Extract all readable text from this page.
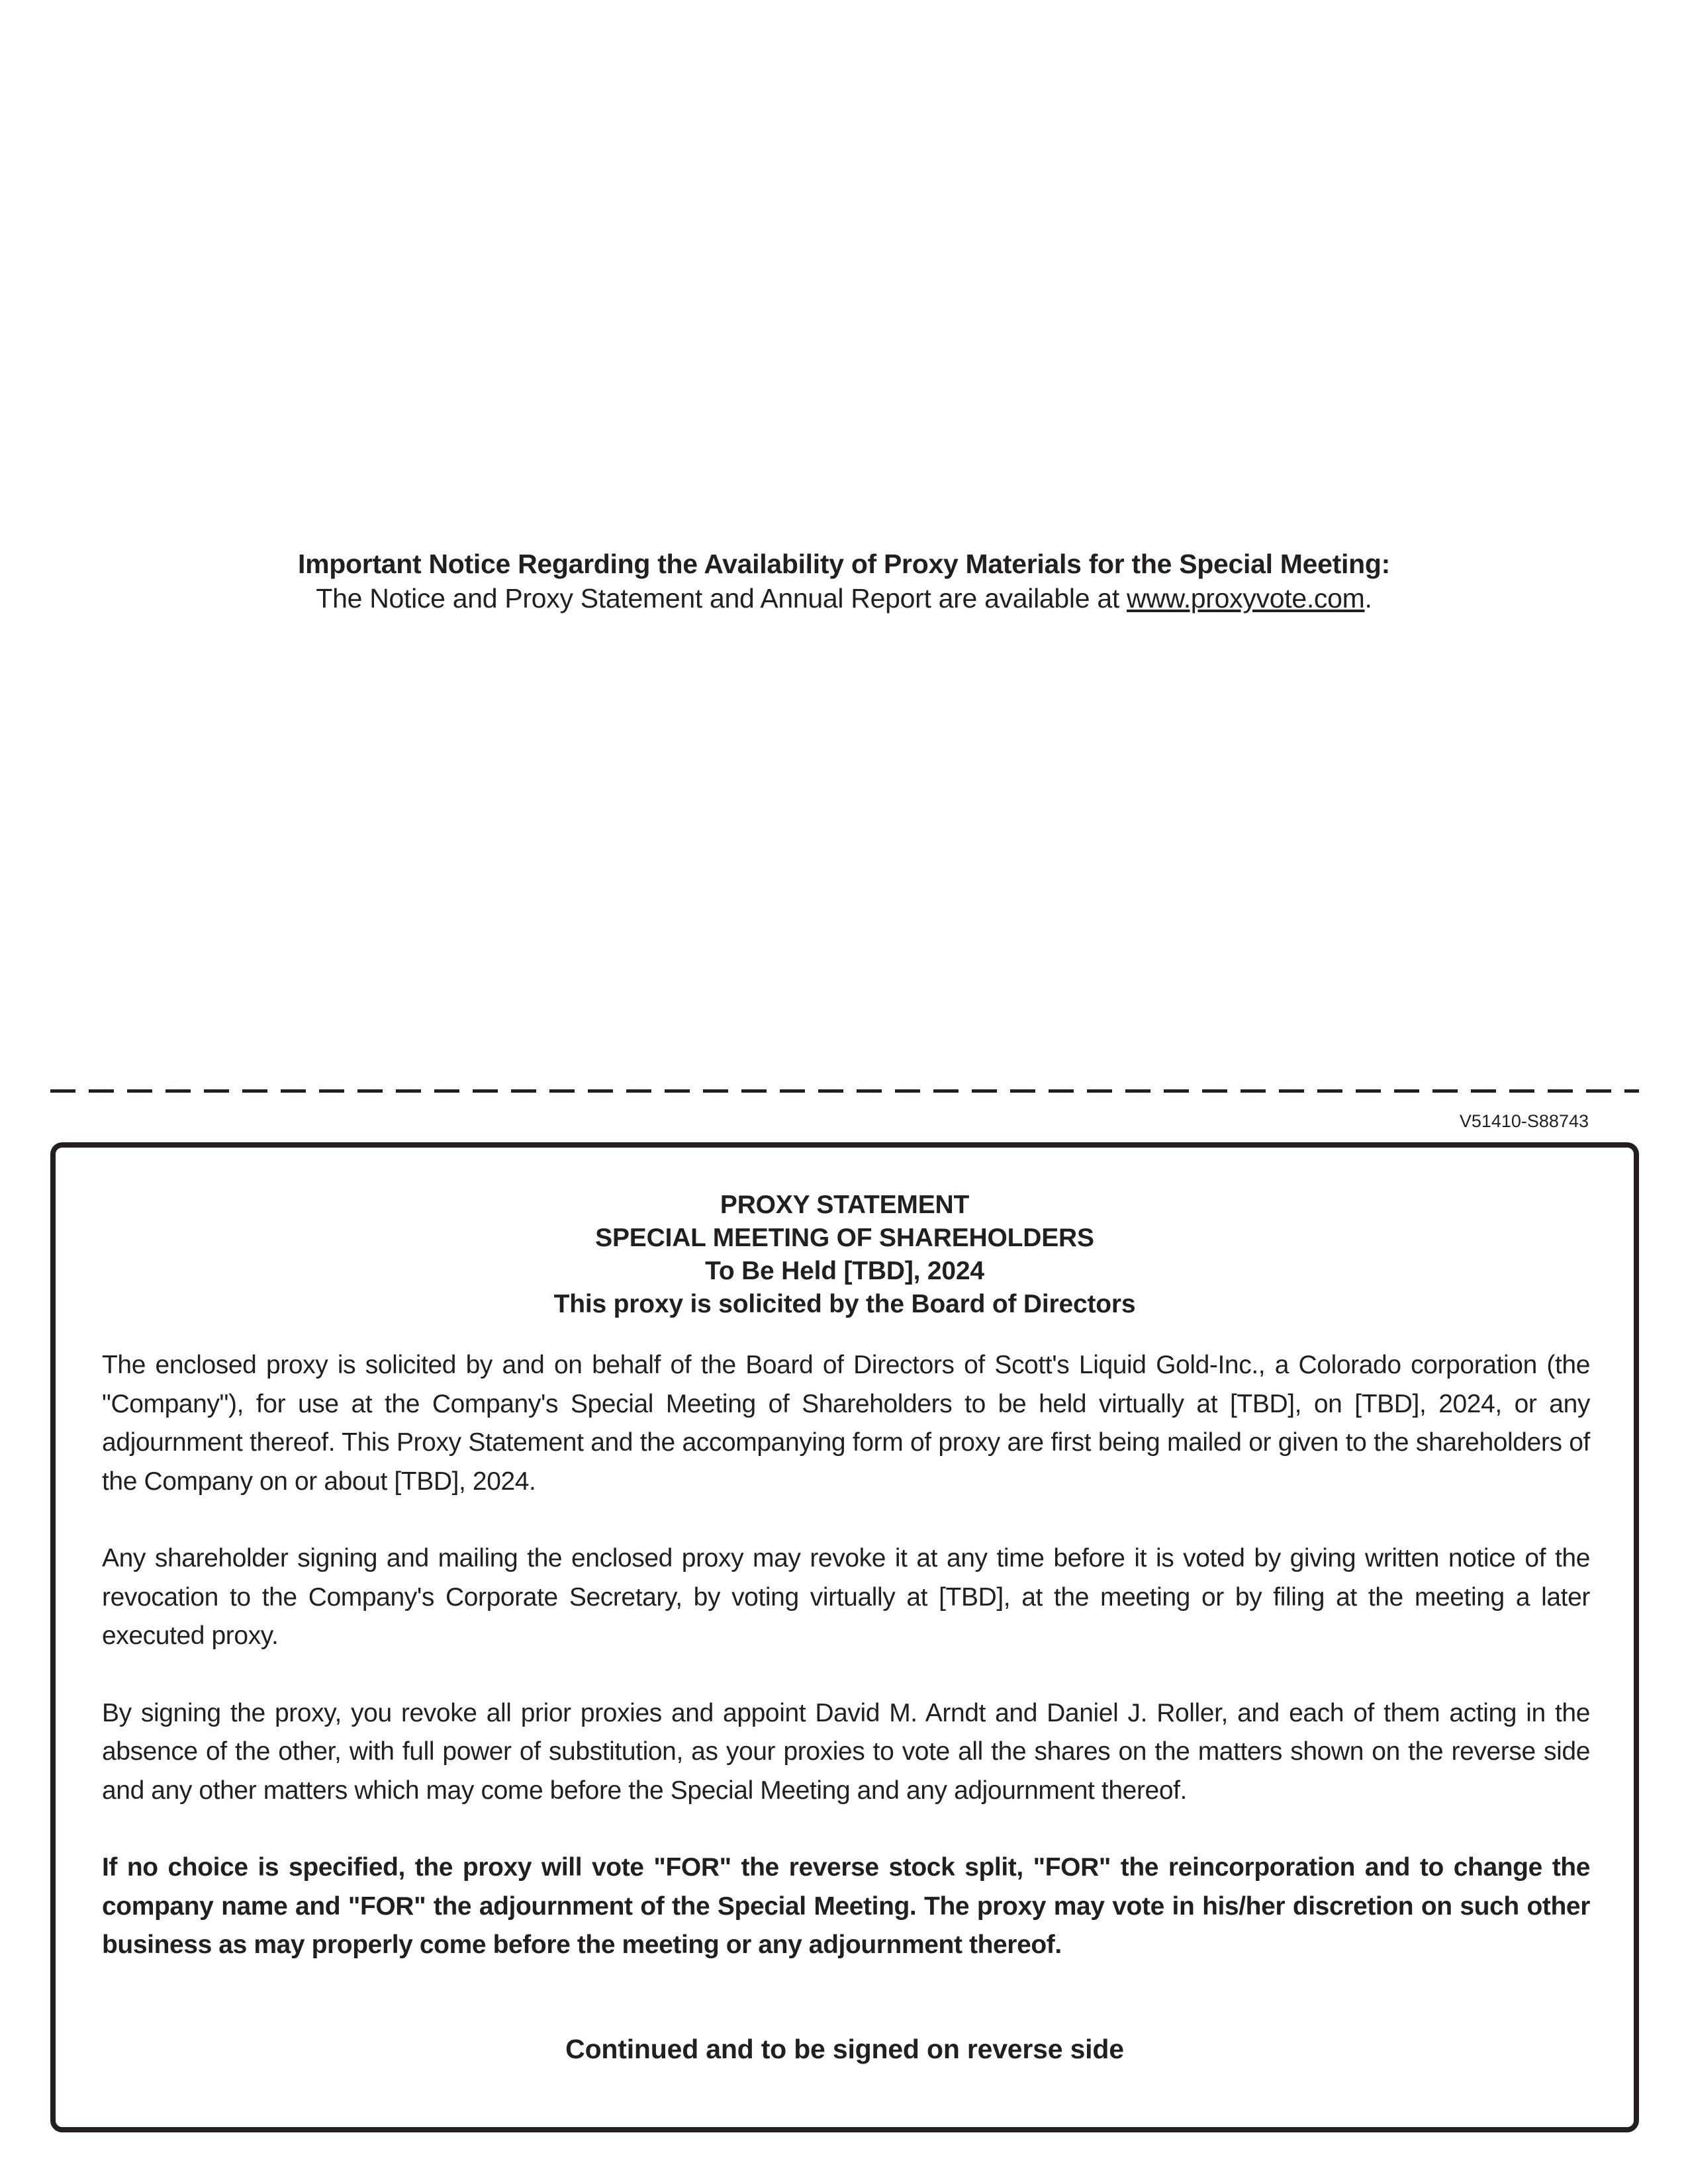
Important Notice Regarding the Availability of Proxy Materials for the Special Meeting:
The Notice and Proxy Statement and Annual Report are available at www.proxyvote.com.
V51410-S88743
PROXY STATEMENT
SPECIAL MEETING OF SHAREHOLDERS
To Be Held [TBD], 2024
This proxy is solicited by the Board of Directors

The enclosed proxy is solicited by and on behalf of the Board of Directors of Scott's Liquid Gold-Inc., a Colorado corporation (the "Company"), for use at the Company's Special Meeting of Shareholders to be held virtually at [TBD], on [TBD], 2024, or any adjournment thereof. This Proxy Statement and the accompanying form of proxy are first being mailed or given to the shareholders of the Company on or about [TBD], 2024.

Any shareholder signing and mailing the enclosed proxy may revoke it at any time before it is voted by giving written notice of the revocation to the Company's Corporate Secretary, by voting virtually at [TBD], at the meeting or by filing at the meeting a later executed proxy.

By signing the proxy, you revoke all prior proxies and appoint David M. Arndt and Daniel J. Roller, and each of them acting in the absence of the other, with full power of substitution, as your proxies to vote all the shares on the matters shown on the reverse side and any other matters which may come before the Special Meeting and any adjournment thereof.

If no choice is specified, the proxy will vote "FOR" the reverse stock split, "FOR" the reincorporation and to change the company name and "FOR" the adjournment of the Special Meeting. The proxy may vote in his/her discretion on such other business as may properly come before the meeting or any adjournment thereof.

Continued and to be signed on reverse side
